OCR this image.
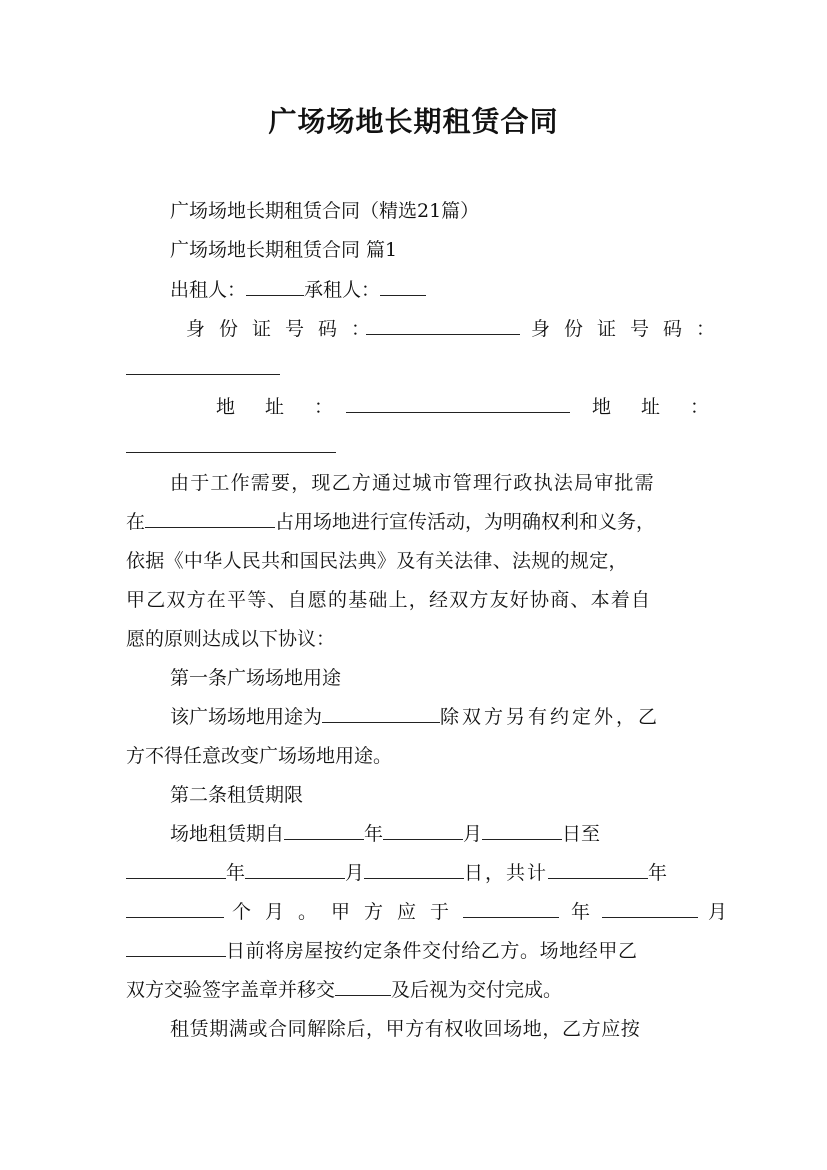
广场场地长期租赁合同
广场场地长期租赁合同（精选21篇）
广场场地长期租赁合同 篇1
出租人：	承租人：
身份证号码：	身份证号码：
地址：	地址：
由于工作需要，现乙方通过城市管理行政执法局审批需
在	占用场地进行宣传活动，为明确权利和义务，
依据《中华人民共和国民法典》及有关法律、法规的规定，
甲乙双方在平等、自愿的基础上，经双方友好协商、本着自
愿的原则达成以下协议：
第一条广场场地用途
该广场场地用途为	除双方另有约定外，乙
方不得任意改变广场场地用途。
第二条租赁期限
场地租赁期自	年	月	日至
年	月	日，共计	年
个月。甲方应于	年	月
日前将房屋按约定条件交付给乙方。场地经甲乙
双方交验签字盖章并移交	及后视为交付完成。
租赁期满或合同解除后，甲方有权收回场地，乙方应按
